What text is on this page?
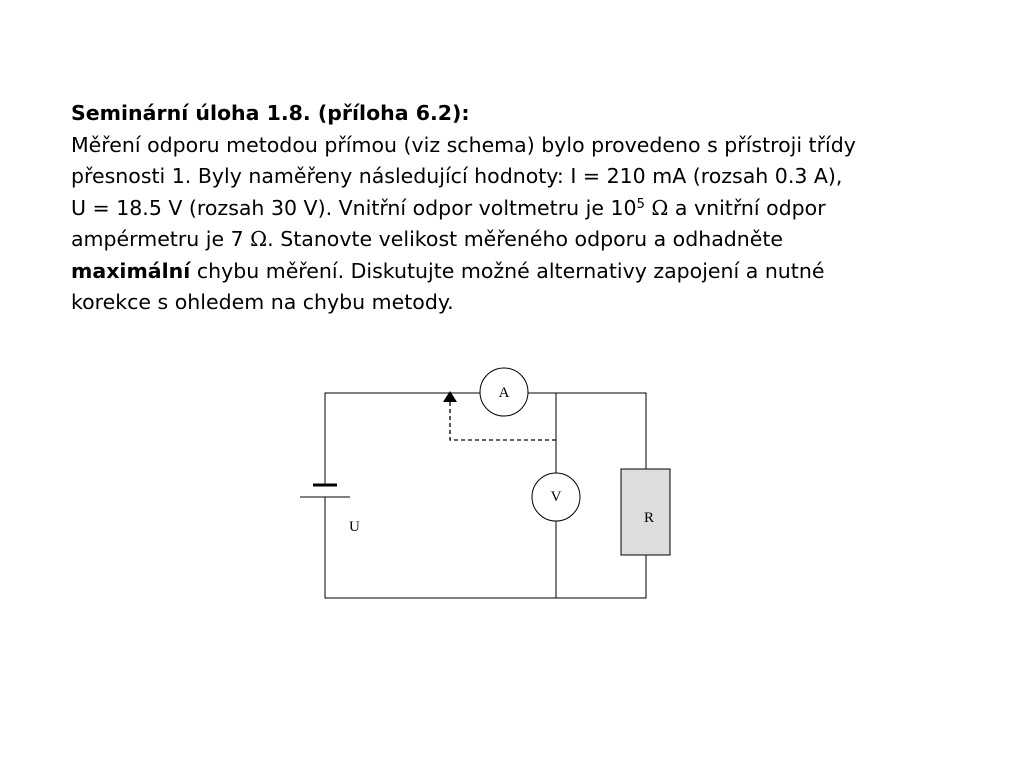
Seminární úloha 1.8. (příloha 6.2):
Měření odporu metodou přímou (viz schema) bylo provedeno s přístroji třídy
přesnosti 1. Byly naměřeny následující hodnoty: I = 210 mA (rozsah 0.3 A),
U = 18.5 V (rozsah 30 V). Vnitřní odpor voltmetru je $10^5$ Ω a vnitřní odpor
ampérmetru je 7 Ω. Stanovte velikost měřeného odporu a odhadněte
maximální chybu měření. Diskutujte možné alternativy zapojení a nutné
korekce s ohledem na chybu metody.
U
A
V
R
